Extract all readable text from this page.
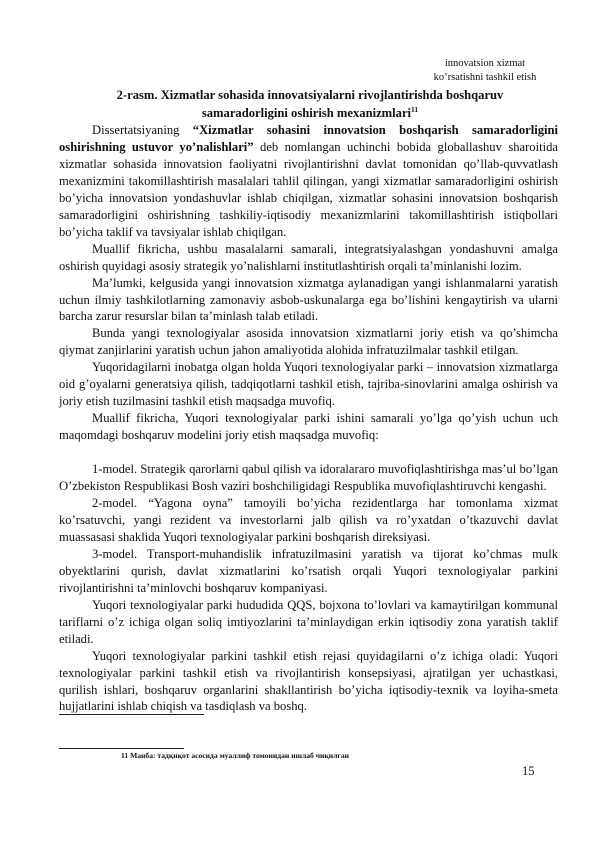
innovatsion xizmat
ko’rsatishni tashkil etish
2-rasm. Xizmatlar sohasida innovatsiyalarni rivojlantirishda boshqaruv
samaradorligini oshirish mexanizmlari$^{11}$

Dissertatsiyaning “Xizmatlar sohasini innovatsion boshqarish samaradorligini oshirishning ustuvor yo’nalishlari” deb nomlangan uchinchi bobida globallashuv sharoitida xizmatlar sohasida innovatsion faoliyatni rivojlantirishni davlat tomonidan qo’llab-quvvatlash mexanizmini takomillashtirish masalalari tahlil qilingan, yangi xizmatlar samaradorligini oshirish bo’yicha innovatsion yondashuvlar ishlab chiqilgan, xizmatlar sohasini innovatsion boshqarish samaradorligini oshirishning tashkiliy-iqtisodiy mexanizmlarini takomillashtirish istiqbollari bo’yicha taklif va tavsiyalar ishlab chiqilgan.

Muallif fikricha, ushbu masalalarni samarali, integratsiyalashgan yondashuvni amalga oshirish quyidagi asosiy strategik yo’nalishlarni institutlashtirish orqali ta’minlanishi lozim.

Ma’lumki, kelgusida yangi innovatsion xizmatga aylanadigan yangi ishlanmalarni yaratish uchun ilmiy tashkilotlarning zamonaviy asbob-uskunalarga ega bo’lishini kengaytirish va ularni barcha zarur resurslar bilan ta’minlash talab etiladi.

Bunda yangi texnologiyalar asosida innovatsion xizmatlarni joriy etish va qo’shimcha qiymat zanjirlarini yaratish uchun jahon amaliyotida alohida infratuzilmalar tashkil etilgan.

Yuqoridagilarni inobatga olgan holda Yuqori texnologiyalar parki – innovatsion xizmatlarga oid g’oyalarni generatsiya qilish, tadqiqotlarni tashkil etish, tajriba-sinovlarini amalga oshirish va joriy etish tuzilmasini tashkil etish maqsadga muvofiq.

Muallif fikricha, Yuqori texnologiyalar parki ishini samarali yo’lga qo’yish uchun uch maqomdagi boshqaruv modelini joriy etish maqsadga muvofiq:

1-model. Strategik qarorlarni qabul qilish va idoralararo muvofiqlashtirishga mas’ul bo’lgan O’zbekiston Respublikasi Bosh vaziri boshchiligidagi Respublika muvofiqlashtiruvchi kengashi.

2-model. “Yagona oyna” tamoyili bo’yicha rezidentlarga har tomonlama xizmat ko’rsatuvchi, yangi rezident va investorlarni jalb qilish va ro’yxatdan o’tkazuvchi davlat muassasasi shaklida Yuqori texnologiyalar parkini boshqarish direksiyasi.

3-model. Transport-muhandislik infratuzilmasini yaratish va tijorat ko’chmas mulk obyektlarini qurish, davlat xizmatlarini ko’rsatish orqali Yuqori texnologiyalar parkini rivojlantirishni ta’minlovchi boshqaruv kompaniyasi.

Yuqori texnologiyalar parki hududida QQS, bojxona to’lovlari va kamaytirilgan kommunal tariflarni o’z ichiga olgan soliq imtiyozlarini ta’minlaydigan erkin iqtisodiy zona yaratish taklif etiladi.

Yuqori texnologiyalar parkini tashkil etish rejasi quyidagilarni o’z ichiga oladi: Yuqori texnologiyalar parkini tashkil etish va rivojlantirish konsepsiyasi, ajratilgan yer uchastkasi, qurilish ishlari, boshqaruv organlarini shakllantirish bo’yicha iqtisodiy-texnik va loyiha-smeta hujjatlarini ishlab chiqish va tasdiqlash va boshq.

11 Манба: тадқиқот асосида муаллиф томонидан ишлаб чиқилган
15
